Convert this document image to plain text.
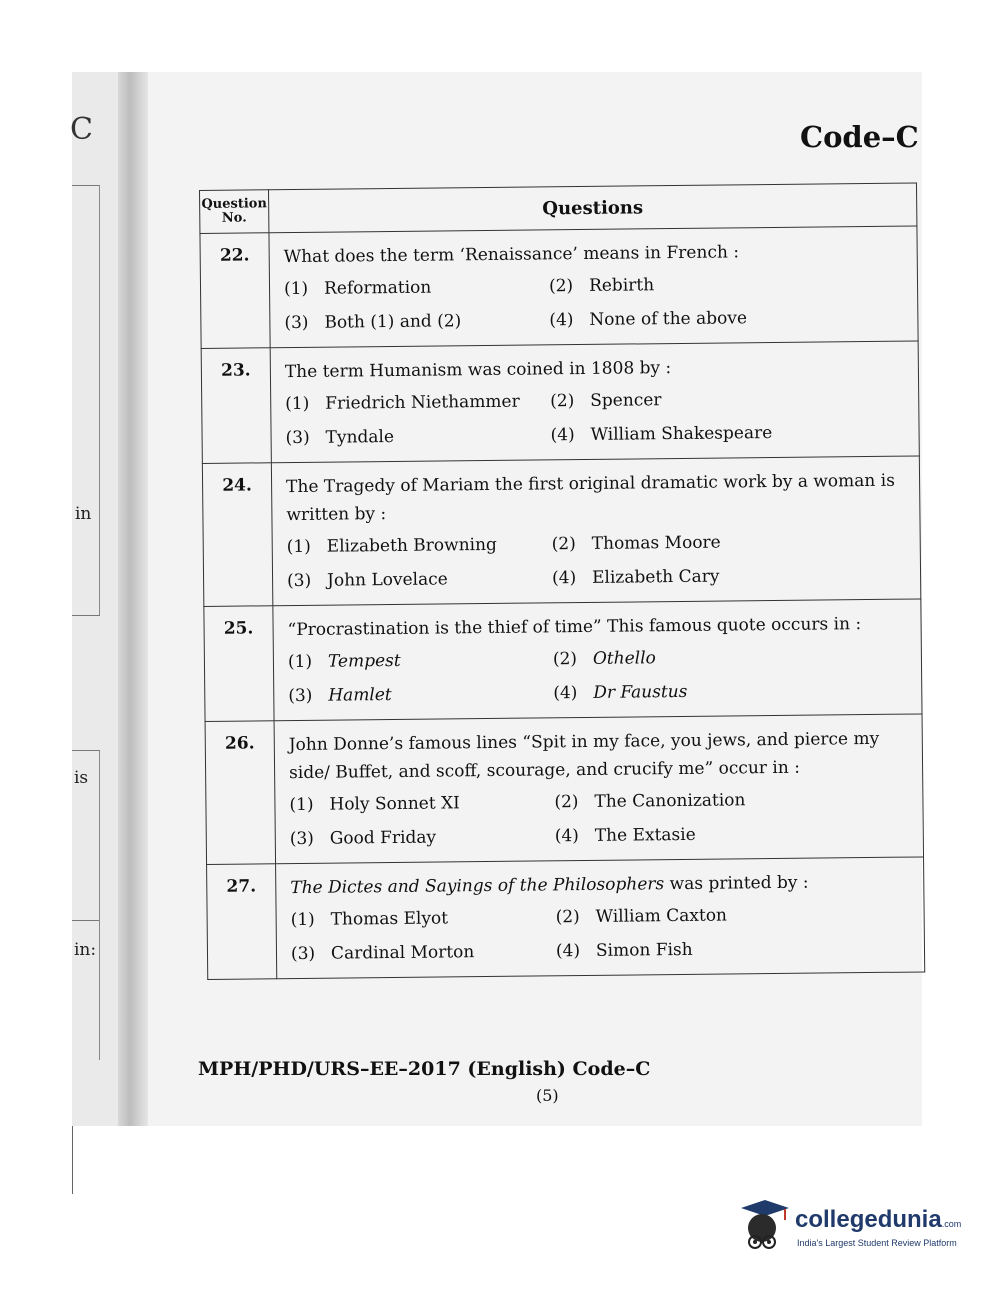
C
in
is
in:
Code–C
Question No.	Questions
22.	What does the term ‘Renaissance’ means in French :
(1) Reformation (2) Rebirth
(3) Both (1) and (2) (4) None of the above

23.	The term Humanism was coined in 1808 by :
(1) Friedrich Niethammer (2) Spencer
(3) Tyndale (4) William Shakespeare

24.	The Tragedy of Mariam the first original dramatic work by a woman is written by :
(1) Elizabeth Browning (2) Thomas Moore
(3) John Lovelace (4) Elizabeth Cary

25.	“Procrastination is the thief of time” This famous quote occurs in :
(1) Tempest (2) Othello
(3) Hamlet (4) Dr Faustus

26.	John Donne’s famous lines “Spit in my face, you jews, and pierce my side/ Buffet, and scoff, scourage, and crucify me” occur in :
(1) Holy Sonnet XI (2) The Canonization
(3) Good Friday (4) The Extasie

27.	The Dictes and Sayings of the Philosophers was printed by :
(1) Thomas Elyot (2) William Caxton
(3) Cardinal Morton (4) Simon Fish
MPH/PHD/URS–EE–2017 (English) Code–C
(5)
collegedunia.com
India's Largest Student Review Platform
